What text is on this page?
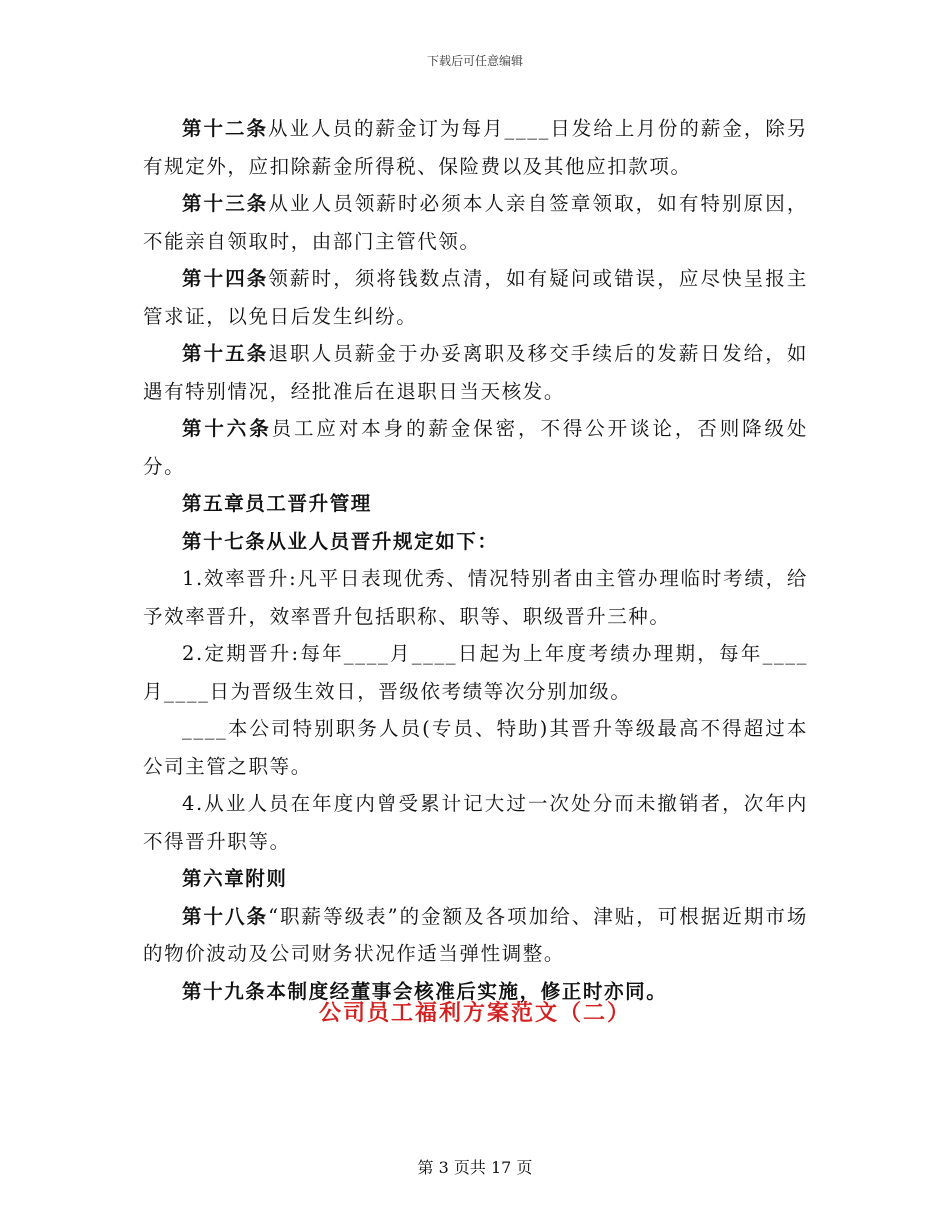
下载后可任意编辑

第十二条从业人员的薪金订为每月____日发给上月份的薪金，除另有规定外，应扣除薪金所得税、保险费以及其他应扣款项。

第十三条从业人员领薪时必须本人亲自签章领取，如有特别原因，不能亲自领取时，由部门主管代领。

第十四条领薪时，须将钱数点清，如有疑问或错误，应尽快呈报主管求证，以免日后发生纠纷。

第十五条退职人员薪金于办妥离职及移交手续后的发薪日发给，如遇有特别情况，经批准后在退职日当天核发。

第十六条员工应对本身的薪金保密，不得公开谈论，否则降级处分。

第五章员工晋升管理

第十七条从业人员晋升规定如下：

1.效率晋升:凡平日表现优秀、情况特别者由主管办理临时考绩，给予效率晋升，效率晋升包括职称、职等、职级晋升三种。

2.定期晋升:每年____月____日起为上年度考绩办理期，每年____月____日为晋级生效日，晋级依考绩等次分别加级。

____本公司特别职务人员(专员、特助)其晋升等级最高不得超过本公司主管之职等。

4.从业人员在年度内曾受累计记大过一次处分而未撤销者，次年内不得晋升职等。

第六章附则

第十八条“职薪等级表”的金额及各项加给、津贴，可根据近期市场的物价波动及公司财务状况作适当弹性调整。

第十九条本制度经董事会核准后实施，修正时亦同。

公司员工福利方案范文（二）
第 3 页共 17 页
